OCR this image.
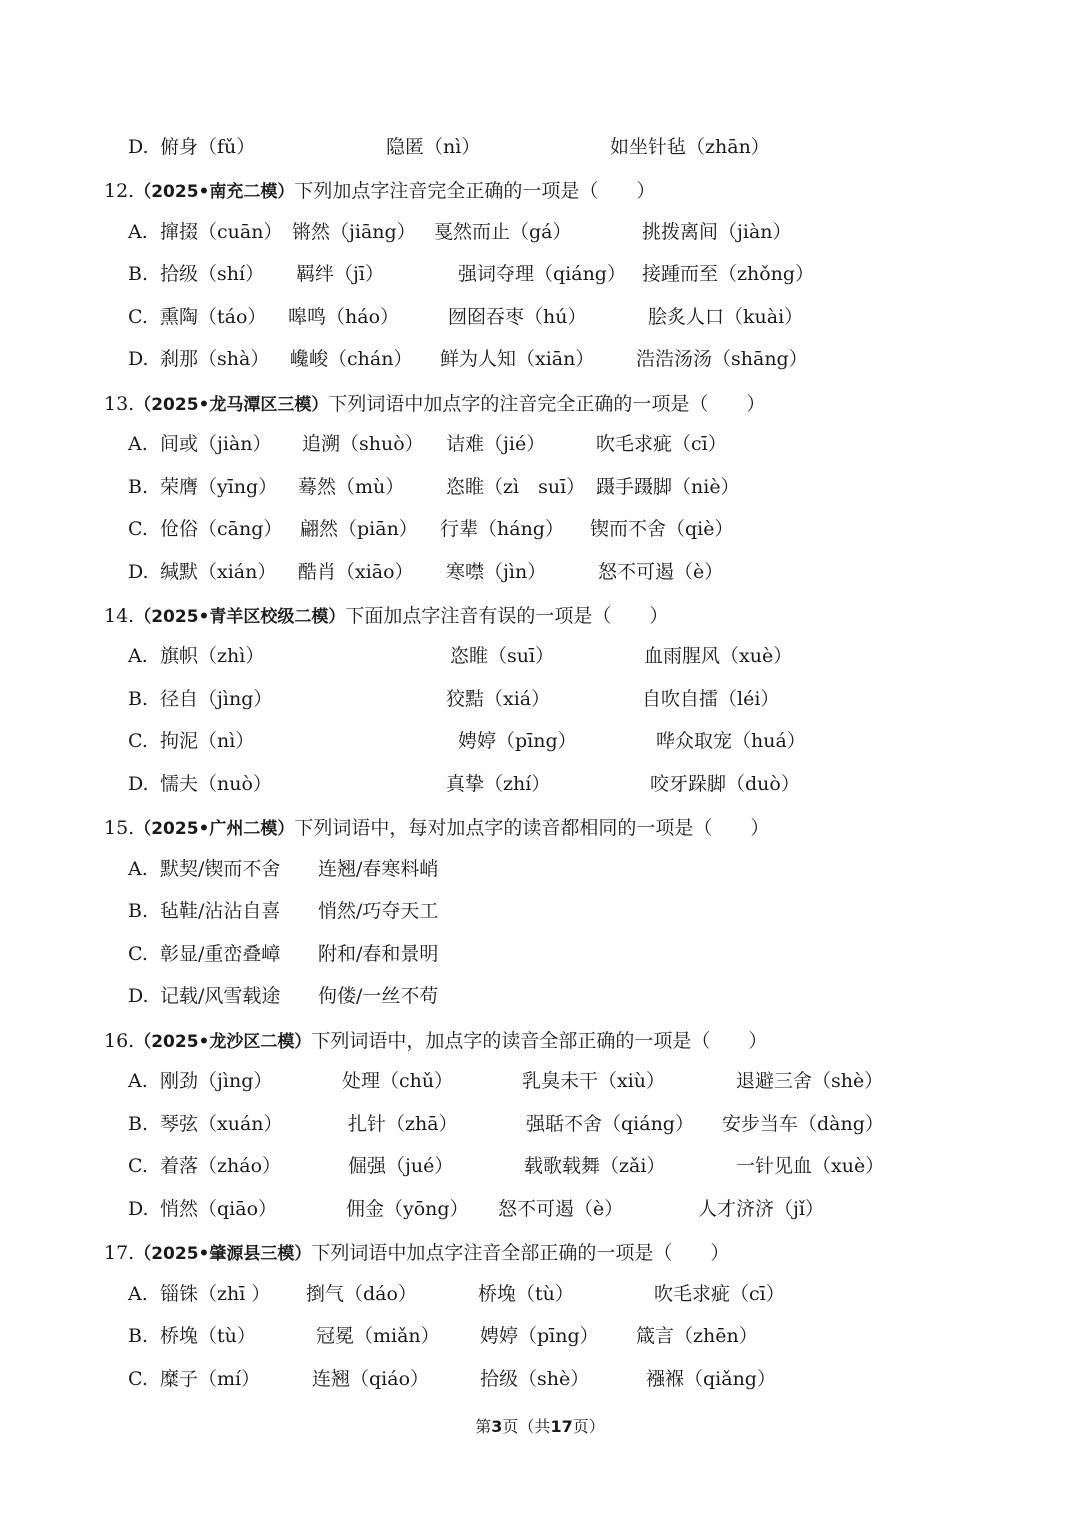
D. 俯身（fǔ）	隐匿（nì）	如坐针毡（zhān）
12.（2025•南充二模）下列加点字注音完全正确的一项是（　　）
A. 撺掇（cuān） 锵然（jiāng） 戛然而止（gá）	挑拨离间（jiàn）
B. 拾级（shí） 羁绊（jī）	强词夺理（qiáng） 接踵而至（zhǒng）
C. 熏陶（táo） 嗥鸣（háo）	囫囵吞枣（hú）	脍炙人口（kuài）
D. 刹那（shà） 巉峻（chán） 鲜为人知（xiān） 浩浩汤汤（shāng）
13.（2025•龙马潭区三模）下列词语中加点字的注音完全正确的一项是（　　）
A. 间或（jiàn） 追溯（shuò） 诘难（jié）	吹毛求疵（cī）
B. 荣膺（yīng） 蓦然（mù） 恣睢（zì　suī） 蹑手蹑脚（niè）
C. 伧俗（cāng） 翩然（piān） 行辈（háng） 锲而不舍（qiè）
D. 缄默（xián） 酷肖（xiāo） 寒噤（jìn）	怒不可遏（è）
14.（2025•青羊区校级二模）下面加点字注音有误的一项是（　　）
A. 旗帜（zhì）	恣睢（suī）	血雨腥风（xuè）
B. 径自（jìng）	狡黠（xiá）	自吹自擂（léi）
C. 拘泥（nì）	娉婷（pīng）	哗众取宠（huá）
D. 懦夫（nuò）	真挚（zhí）	咬牙跺脚（duò）
15.（2025•广州二模）下列词语中，每对加点字的读音都相同的一项是（　　）
A. 默契/锲而不舍 连翘/春寒料峭
B. 毡鞋/沾沾自喜 悄然/巧夺天工
C. 彰显/重峦叠嶂 附和/春和景明
D. 记载/风雪载途 佝偻/一丝不苟
16.（2025•龙沙区二模）下列词语中，加点字的读音全部正确的一项是（　　）
A. 刚劲（jìng）	处理（chǔ）	乳臭未干（xiù）	退避三舍（shè）
B. 琴弦（xuán）	扎针（zhā）	强聒不舍（qiáng） 安步当车（dàng）
C. 着落（zháo）	倔强（jué）	载歌载舞（zǎi）	一针见血（xuè）
D. 悄然（qiāo）	佣金（yōng） 怒不可遏（è）	人才济济（jǐ）
17.（2025•肇源县三模）下列词语中加点字注音全部正确的一项是（　　）
A. 锱铢（zhī ） 捯气（dáo）	桥堍（tù）	吹毛求疵（cī）
B. 桥堍（tù）	冠冕（miǎn） 娉婷（pīng） 箴言（zhēn）
C. 糜子（mí）	连翘（qiáo）	拾级（shè）	襁褓（qiǎng）
第3页（共17页）
